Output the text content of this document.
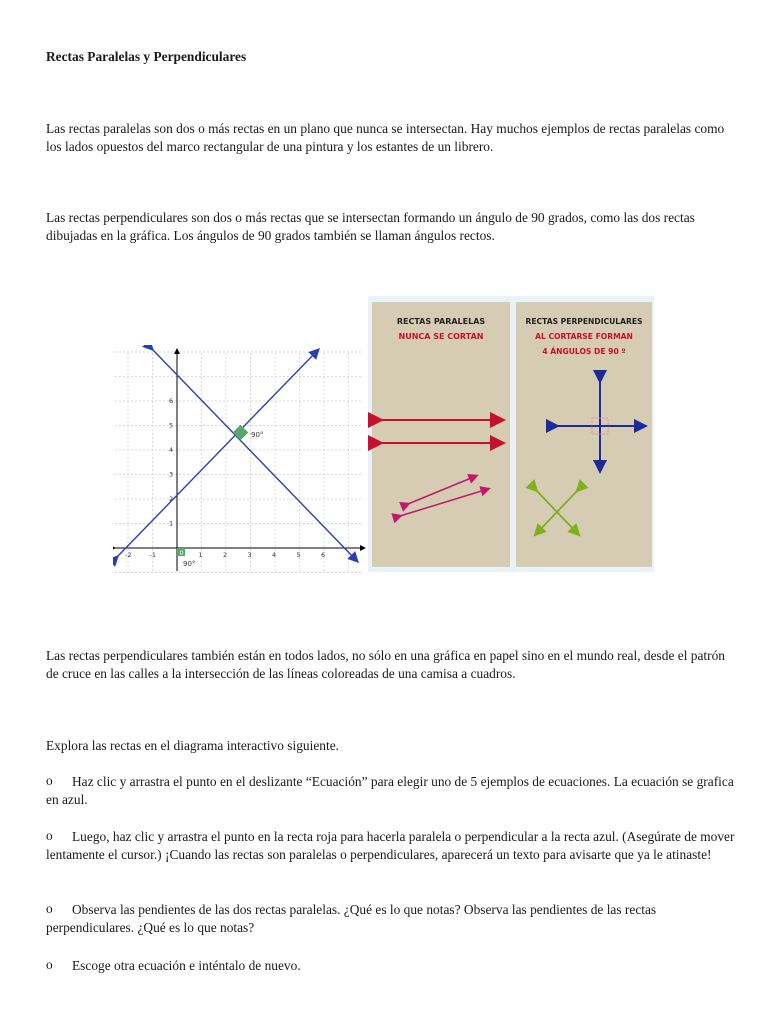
Rectas Paralelas y Perpendiculares
Las rectas paralelas son dos o más rectas en un plano que nunca se intersectan. Hay muchos ejemplos de rectas paralelas como los lados opuestos del marco rectangular de una pintura y los estantes de un librero.
Las rectas perpendiculares son dos o más rectas que se intersectan formando un ángulo de 90 grados, como las dos rectas dibujadas en la gráfica. Los ángulos de 90 grados también se llaman ángulos rectos.
-2	-1	1	2	3	4	5	6
1
2
3
4
5
6
90°
0
90°
RECTAS PARALELAS
NUNCA SE CORTAN
RECTAS PERPENDICULARES
AL CORTARSE FORMAN
4 ÁNGULOS DE 90 º
Las rectas perpendiculares también están en todos lados, no sólo en una gráfica en papel sino en el mundo real, desde el patrón de cruce en las calles a la intersección de las líneas coloreadas de una camisa a cuadros.
Explora las rectas en el diagrama interactivo siguiente.
o	Haz clic y arrastra el punto en el deslizante “Ecuación” para elegir uno de 5 ejemplos de ecuaciones. La ecuación se grafica en azul.
o	Luego, haz clic y arrastra el punto en la recta roja para hacerla paralela o perpendicular a la recta azul. (Asegúrate de mover lentamente el cursor.) ¡Cuando las rectas son paralelas o perpendiculares, aparecerá un texto para avisarte que ya le atinaste!
o	Observa las pendientes de las dos rectas paralelas. ¿Qué es lo que notas? Observa las pendientes de las rectas perpendiculares. ¿Qué es lo que notas?
o	Escoge otra ecuación e inténtalo de nuevo.
